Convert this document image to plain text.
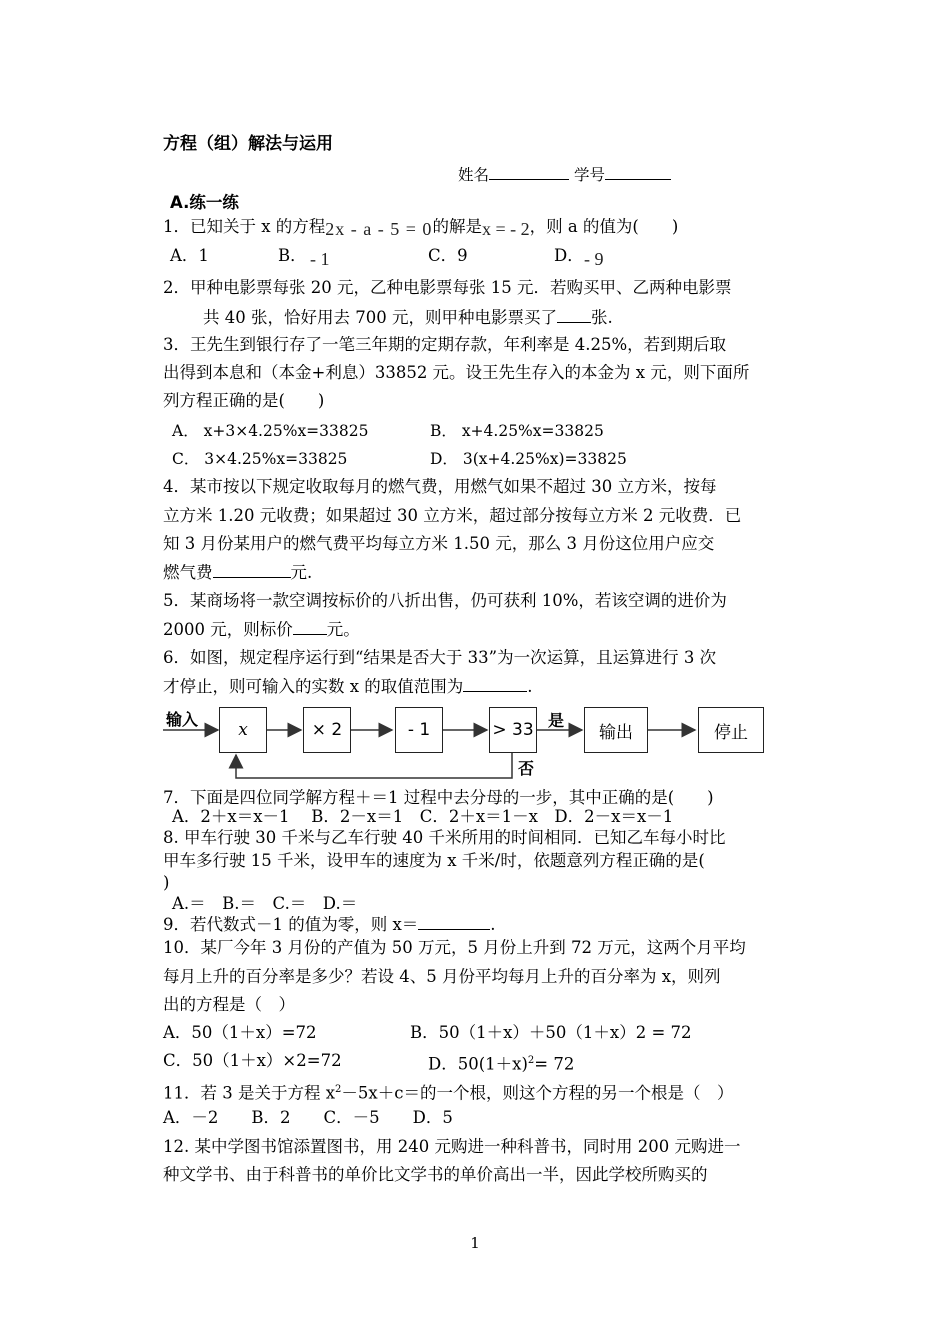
方程（组）解法与运用
姓名	学号
A.练一练
1．已知关于 x 的方程2x - a - 5 = 0的解是x = - 2，则 a 的值为(　　)
A．1	B． - 1	C．9	D． - 9
2．甲种电影票每张 20 元，乙种电影票每张 15 元．若购买甲、乙两种电影票
共 40 张，恰好用去 700 元，则甲种电影票买了 张.
3．王先生到银行存了一笔三年期的定期存款，年利率是 4.25%，若到期后取
出得到本息和（本金+利息）33852 元。设王先生存入的本金为 x 元，则下面所
列方程正确的是(　　)
A． x+3×4.25%x=33825	B． x+4.25%x=33825
C． 3×4.25%x=33825	D． 3(x+4.25%x)=33825
4．某市按以下规定收取每月的燃气费，用燃气如果不超过 30 立方米，按每
立方米 1.20 元收费；如果超过 30 立方米，超过部分按每立方米 2 元收费．已
知 3 月份某用户的燃气费平均每立方米 1.50 元，那么 3 月份这位用户应交
燃气费	元.
5．某商场将一款空调按标价的八折出售，仍可获利 10%，若该空调的进价为
2000 元，则标价 元。
6．如图，规定程序运行到“结果是否大于 33”为一次运算，且运算进行 3 次
才停止，则可输入的实数 x 的取值范围为	.
输入
x	× 2	- 1	> 33 是
输出	停止
否
7．下面是四位同学解方程＋＝1 过程中去分母的一步，其中正确的是(　　)
A．2＋x＝x－1　 B．2－x＝1　C．2＋x＝1－x　D．2－x＝x－1
8. 甲车行驶 30 千米与乙车行驶 40 千米所用的时间相同．已知乙车每小时比
甲车多行驶 15 千米，设甲车的速度为 x 千米/时，依题意列方程正确的是(
)
A.＝　B.＝　C.＝　D.＝
9．若代数式－1 的值为零，则 x＝	.
10．某厂今年 3 月份的产值为 50 万元，5 月份上升到 72 万元，这两个月平均
每月上升的百分率是多少？若设 4、5 月份平均每月上升的百分率为 x，则列
出的方程是（　）
A．50（1＋x）=72	B．50（1＋x）＋50（1＋x）2 = 72
C．50（1＋x）×2=72	D．$50(1+x)^2= 72$
11．若 3 是关于方程 $x^2-5x+c=$的一个根，则这个方程的另一个根是（　）
A．－2　　B．2　　C．－5　　D．5
12. 某中学图书馆添置图书，用 240 元购进一种科普书，同时用 200 元购进一
种文学书、由于科普书的单价比文学书的单价高出一半，因此学校所购买的
1
